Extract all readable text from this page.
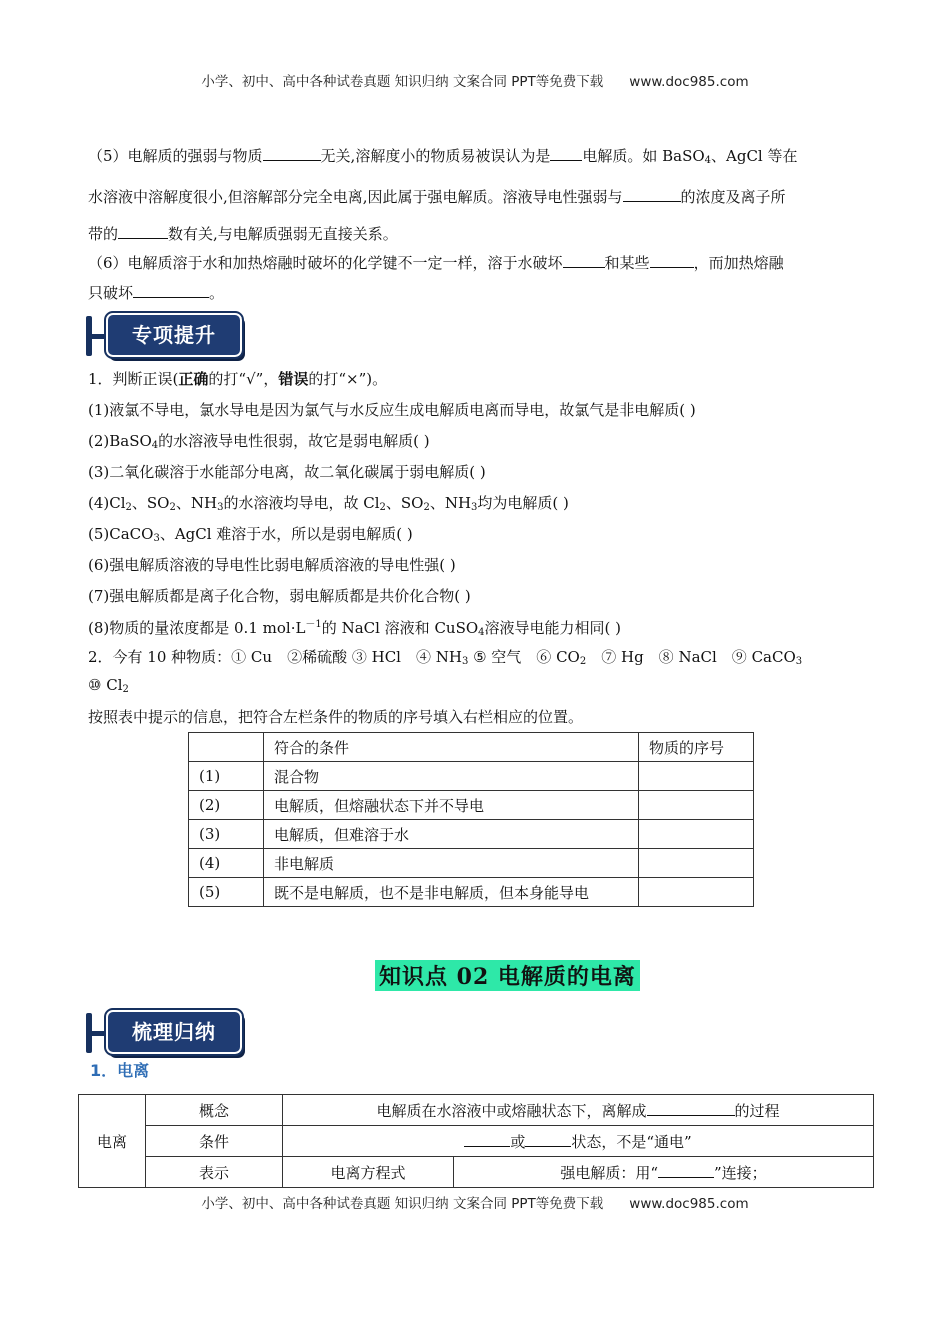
小学、初中、高中各种试卷真题 知识归纳 文案合同 PPT等免费下载 www.doc985.com
（5）电解质的强弱与物质	无关,溶解度小的物质易被误认为是 电解质。如 BaSO$_4$、AgCl 等在
水溶液中溶解度很小,但溶解部分完全电离,因此属于强电解质。溶液导电性强弱与	的浓度及离子所
带的	数有关,与电解质强弱无直接关系。
（6）电解质溶于水和加热熔融时破坏的化学键不一定一样，溶于水破坏	和某些	，而加热熔融
只破坏	。
专项提升
1．判断正误(正确的打“√”，错误的打“×”)。
(1)液氯不导电，氯水导电是因为氯气与水反应生成电解质电离而导电，故氯气是非电解质( )
(2)BaSO$_4$的水溶液导电性很弱，故它是弱电解质( )
(3)二氧化碳溶于水能部分电离，故二氧化碳属于弱电解质( )
$(4)Cl_2$、$SO_2$、$NH_3$的水溶液均导电，故 $Cl_2$、$SO_2$、$NH_3$均为电解质( )
(5)CaCO$_3$、AgCl 难溶于水，所以是弱电解质( )
(6)强电解质溶液的导电性比弱电解质溶液的导电性强( )
(7)强电解质都是离子化合物，弱电解质都是共价化合物( )
(8)物质的量浓度都是 0.1 $mol\cdot L^{-1}$的 NaCl 溶液和 CuSO$_4$溶液导电能力相同( )
2．今有 10 种物质：① Cu　②稀硫酸 ③ HCl　④ $NH_3$ ⑤ 空气　⑥ $CO_2$　⑦ Hg　⑧ NaCl　⑨ CaCO$_3$
⑩ $Cl_2$
按照表中提示的信息，把符合左栏条件的物质的序号填入右栏相应的位置。
	符合的条件	物质的序号
(1)	混合物	
(2)	电解质，但熔融状态下并不导电	
(3)	电解质，但难溶于水	
(4)	非电解质	
(5)	既不是电解质，也不是非电解质，但本身能导电	
知识点 02 电解质的电离
梳理归纳
1．电离
电离	概念	电解质在水溶液中或熔融状态下，离解成 的过程	
	条件	或 状态，不是“通电”	
	表示	电离方程式	强电解质：用“ ”连接；
小学、初中、高中各种试卷真题 知识归纳 文案合同 PPT等免费下载 www.doc985.com
